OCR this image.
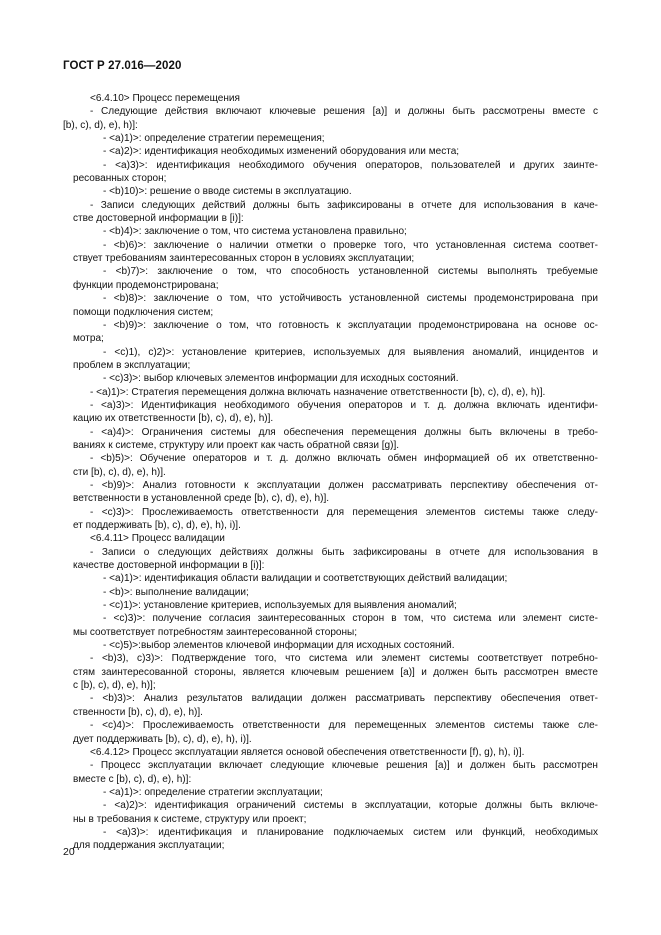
ГОСТ Р 27.016—2020
<6.4.10> Процесс перемещения
- Следующие действия включают ключевые решения [а)] и должны быть рассмотрены вместе с
[b), с), d), е), h)]:
- <а)1)>: определение стратегии перемещения;
- <а)2)>: идентификация необходимых изменений оборудования или места;
- <а)3)>: идентификация необходимого обучения операторов, пользователей и других заинте-
ресованных сторон;
- <b)10)>: решение о вводе системы в эксплуатацию.
- Записи следующих действий должны быть зафиксированы в отчете для использования в каче-
стве достоверной информации в [i)]:
- <b)4)>: заключение о том, что система установлена правильно;
- <b)6)>: заключение о наличии отметки о проверке того, что установленная система соответ-
ствует требованиям заинтересованных сторон в условиях эксплуатации;
- <b)7)>: заключение о том, что способность установленной системы выполнять требуемые
функции продемонстрирована;
- <b)8)>: заключение о том, что устойчивость установленной системы продемонстрирована при
помощи подключения систем;
- <b)9)>: заключение о том, что готовность к эксплуатации продемонстрирована на основе ос-
мотра;
- <с)1), с)2)>: установление критериев, используемых для выявления аномалий, инцидентов и
проблем в эксплуатации;
- <с)3)>: выбор ключевых элементов информации для исходных состояний.
- <а)1)>: Стратегия перемещения должна включать назначение ответственности [b), с), d), е), h)].
- <а)3)>: Идентификация необходимого обучения операторов и т. д. должна включать идентифи-
кацию их ответственности [b), с), d), е), h)].
- <а)4)>: Ограничения системы для обеспечения перемещения должны быть включены в требо-
ваниях к системе, структуру или проект как часть обратной связи [g)].
- <b)5)>: Обучение операторов и т. д. должно включать обмен информацией об их ответственно-
сти [b), с), d), е), h)].
- <b)9)>: Анализ готовности к эксплуатации должен рассматривать перспективу обеспечения от-
ветственности в установленной среде [b), с), d), е), h)].
- <с)3)>: Прослеживаемость ответственности для перемещения элементов системы также следу-
ет поддерживать [b), с), d), е), h), i)].
<6.4.11> Процесс валидации
- Записи о следующих действиях должны быть зафиксированы в отчете для использования в
качестве достоверной информации в [i)]:
- <а)1)>: идентификация области валидации и соответствующих действий валидации;
- <b)>: выполнение валидации;
- <с)1)>: установление критериев, используемых для выявления аномалий;
- <с)3)>: получение согласия заинтересованных сторон в том, что система или элемент систе-
мы соответствует потребностям заинтересованной стороны;
- <с)5)>:выбор элементов ключевой информации для исходных состояний.
- <b)3), с)3)>: Подтверждение того, что система или элемент системы соответствует потребно-
стям заинтересованной стороны, является ключевым решением [а)] и должен быть рассмотрен вместе
с [b), с), d), е), h)];
- <b)3)>: Анализ результатов валидации должен рассматривать перспективу обеспечения ответ-
ственности [b), с), d), е), h)].
- <с)4)>: Прослеживаемость ответственности для перемещенных элементов системы также сле-
дует поддерживать [b), с), d), е), h), i)].
<6.4.12> Процесс эксплуатации является основой обеспечения ответственности [f), g), h), i)].
- Процесс эксплуатации включает следующие ключевые решения [а)] и должен быть рассмотрен
вместе с [b), с), d), е), h)]:
- <а)1)>: определение стратегии эксплуатации;
- <а)2)>: идентификация ограничений системы в эксплуатации, которые должны быть включе-
ны в требования к системе, структуру или проект;
- <а)3)>: идентификация и планирование подключаемых систем или функций, необходимых
для поддержания эксплуатации;
20
